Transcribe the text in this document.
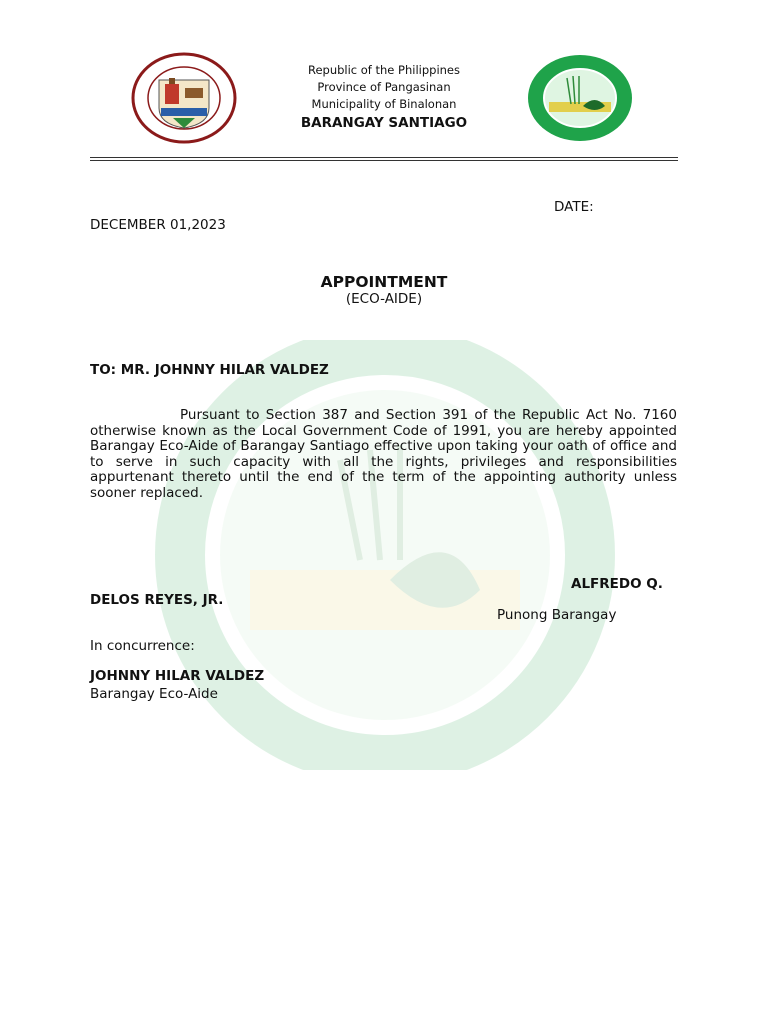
Republic of the Philippines
Province of Pangasinan
Municipality of Binalonan
BARANGAY SANTIAGO
DATE:
DECEMBER 01,2023
APPOINTMENT
(ECO-AIDE)
TO: MR. JOHNNY HILAR VALDEZ
Pursuant to Section 387 and Section 391 of the Republic Act No. 7160 otherwise known as the Local Government Code of 1991, you are hereby appointed Barangay Eco-Aide of Barangay Santiago effective upon taking your oath of office and to serve in such capacity with all the rights, privileges and responsibilities appurtenant thereto until the end of the term of the appointing authority unless sooner replaced.
ALFREDO Q.
DELOS REYES, JR.
Punong Barangay
In concurrence:
JOHNNY HILAR VALDEZ
Barangay Eco-Aide
